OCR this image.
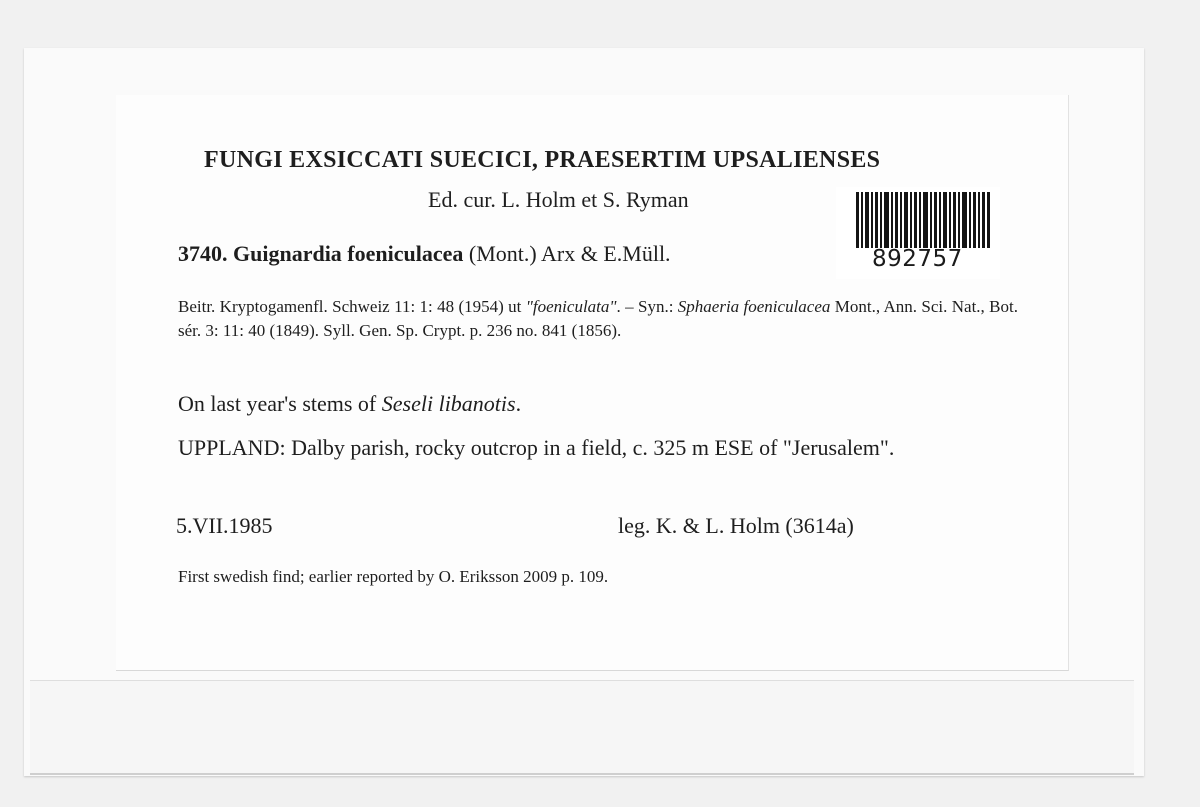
FUNGI EXSICCATI SUECICI, PRAESERTIM UPSALIENSES
Ed. cur. L. Holm et S. Ryman
3740. Guignardia foeniculacea (Mont.) Arx & E.Müll.
Beitr. Kryptogamenfl. Schweiz 11: 1: 48 (1954) ut "foeniculata". – Syn.: Sphaeria foeniculacea Mont., Ann. Sci. Nat., Bot. sér. 3: 11: 40 (1849). Syll. Gen. Sp. Crypt. p. 236 no. 841 (1856).
On last year's stems of Seseli libanotis.
UPPLAND: Dalby parish, rocky outcrop in a field, c. 325 m ESE of "Jerusalem".
5.VII.1985	leg. K. & L. Holm (3614a)
First swedish find; earlier reported by O. Eriksson 2009 p. 109.
892757
